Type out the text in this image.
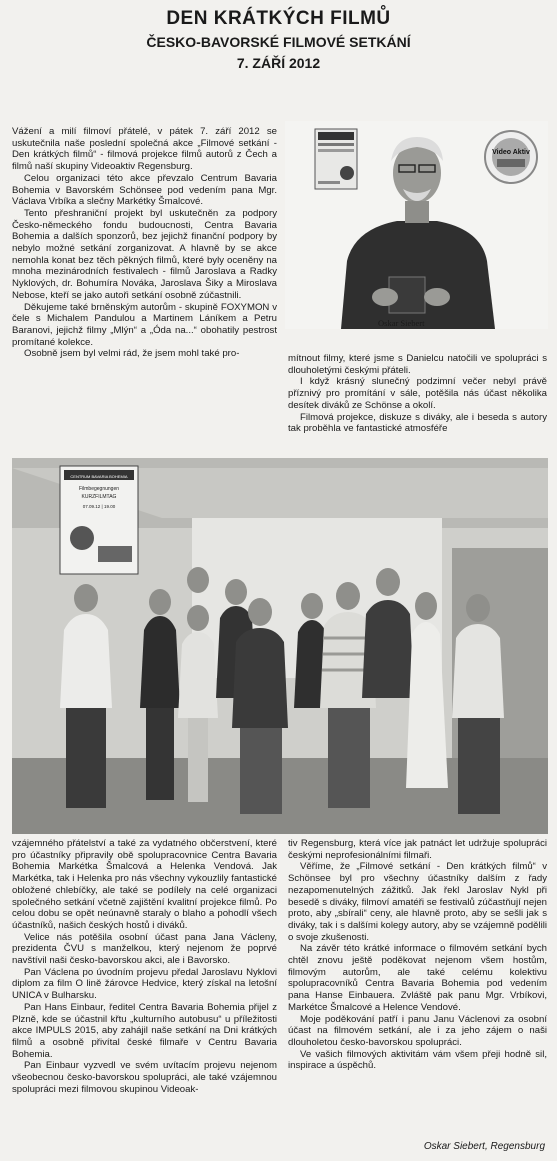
DEN KRÁTKÝCH FILMŮ
ČESKO-BAVORSKÉ FILMOVÉ SETKÁNÍ
7. ZÁŘÍ 2012

Vážení a milí filmoví přátelé, v pátek 7. září 2012 se uskutečnila naše poslední společná akce „Filmové setkání - Den krátkých filmů“ - filmová projekce filmů autorů z Čech a filmů naší skupiny Videoaktiv Regensburg.

Celou organizaci této akce převzalo Centrum Bavaria Bohemia v Bavorském Schönsee pod vedením pana Mgr. Václava Vrbíka a slečny Markétky Šmalcové.

Tento přeshraniční projekt byl uskutečněn za podpory Česko-německého fondu budoucnosti, Centra Bavaria Bohemia a dalších sponzorů, bez jejichž finanční podpory by nebylo možné setkání zorganizovat. A hlavně by se akce nemohla konat bez těch pěkných filmů, které byly oceněny na mnoha mezinárodních festivalech - filmů Jaroslava a Radky Nyklových, dr. Bohumíra Nováka, Jaroslava Šiky a Miroslava Nebose, kteří se jako autoři setkání osobně zúčastnili.

Děkujeme také brněnským autorům - skupině FOXYMON v čele s Michalem Pandulou a Martinem Láníkem a Petru Baranovi, jejichž filmy „Mlýn“ a „Óda na...“ obohatily pestrost promítané kolekce.

Osobně jsem byl velmi rád, že jsem mohl také pro-

Video Aktiv
Oskar Siebert

mítnout filmy, které jsme s Danielcu natočili ve spolupráci s dlouholetými českými přáteli.

I když krásný slunečný podzimní večer nebyl právě příznivý pro promítání v sále, potěšila nás účast několika desítek diváků ze Schönse a okolí.

Filmová projekce, diskuze s diváky, ale i beseda s autory tak proběhla ve fantastické atmosféře

CENTRUM BAVARIA BOHEMIA
Filmbegegnungen
KURZFILMTAG
07.09.12 | 19.00

vzájemného přátelství a také za vydatného občerstvení, které pro účastníky připravily obě spolupracovnice Centra Bavaria Bohemia Markétka Šmalcová a Helenka Vendová. Jak Markétka, tak i Helenka pro nás všechny vykouzlily fantastické obložené chlebíčky, ale také se podílely na celé organizaci společného setkání včetně zajištění kvalitní projekce filmů. Po celou dobu se opět neúnavně staraly o blaho a pohodlí všech účastníků, našich českých hostů i diváků.

Velice nás potěšila osobní účast pana Jana Václeny, prezidenta ČVU s manželkou, který nejenom že poprvé navštívil naši česko-bavorskou akci, ale i Bavorsko.

Pan Václena po úvodním projevu předal Jaroslavu Nyklovi diplom za film O lině žárovce Hedvice, který získal na letošní UNICA v Bulharsku.

Pan Hans Einbaur, ředitel Centra Bavaria Bohemia přijel z Plzně, kde se účastnil křtu „kulturního autobusu“ u příležitosti akce IMPULS 2015, aby zahájil naše setkání na Dni krátkých filmů a osobně přivítal české filmaře v Centru Bavaria Bohemia.

Pan Einbaur vyzvedl ve svém uvítacím projevu nejenom všeobecnou česko-bavorskou spolupráci, ale také vzájemnou spolupráci mezi filmovou skupinou Videoak-

tiv Regensburg, která více jak patnáct let udržuje spolupráci českými neprofesionálními filmaři.

Věříme, že „Filmové setkání - Den krátkých filmů“ v Schönsee byl pro všechny účastníky dalším z řady nezapomenutelných zážitků. Jak řekl Jaroslav Nykl při besedě s diváky, filmoví amatéři se festivalů zúčastňují nejen proto, aby „sbírali“ ceny, ale hlavně proto, aby se sešli jak s diváky, tak i s dalšími kolegy autory, aby se vzájemně podělili o svoje zkušenosti.

Na závěr této krátké informace o filmovém setkání bych chtěl znovu ještě poděkovat nejenom všem hostům, filmovým autorům, ale také celému kolektivu spolupracovníků Centra Bavaria Bohemia pod vedením pana Hanse Einbauera. Zvláště pak panu Mgr. Vrbíkovi, Markétce Šmalcové a Helence Vendové.

Moje poděkování patří i panu Janu Václenovi za osobní účast na filmovém setkání, ale i za jeho zájem o naši dlouholetou česko-bavorskou spolupráci.

Ve vašich filmových aktivitám vám všem přeji hodně sil, inspirace a úspěchů.

Oskar Siebert, Regensburg
